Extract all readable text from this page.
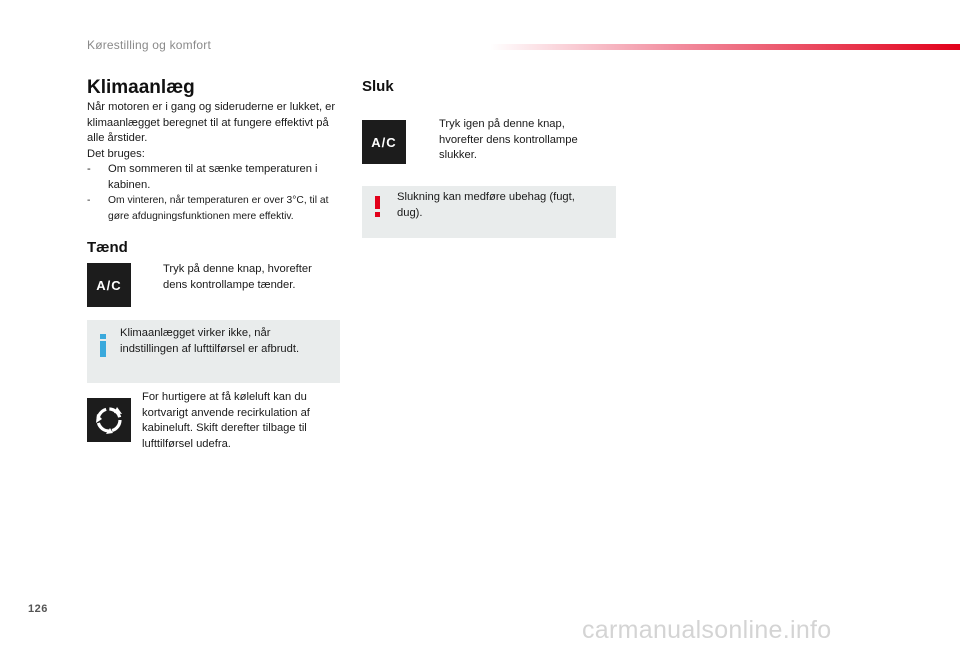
Kørestilling og komfort
Klimaanlæg

Når motoren er i gang og sideruderne er lukket, er klimaanlægget beregnet til at fungere effektivt på alle årstider.

Det bruges:

- Om sommeren til at sænke temperaturen i kabinen.
- Om vinteren, når temperaturen er over 3°C, til at gøre afdugningsfunktionen mere effektiv.
Tænd
A/C
Tryk på denne knap, hvorefter dens kontrollampe tænder.
Klimaanlægget virker ikke, når indstillingen af lufttilførsel er afbrudt.
For hurtigere at få køleluft kan du kortvarigt anvende recirkulation af kabineluft. Skift derefter tilbage til lufttilførsel udefra.
Sluk
A/C
Tryk igen på denne knap, hvorefter dens kontrollampe slukker.
Slukning kan medføre ubehag (fugt, dug).
126
carmanualsonline.info
